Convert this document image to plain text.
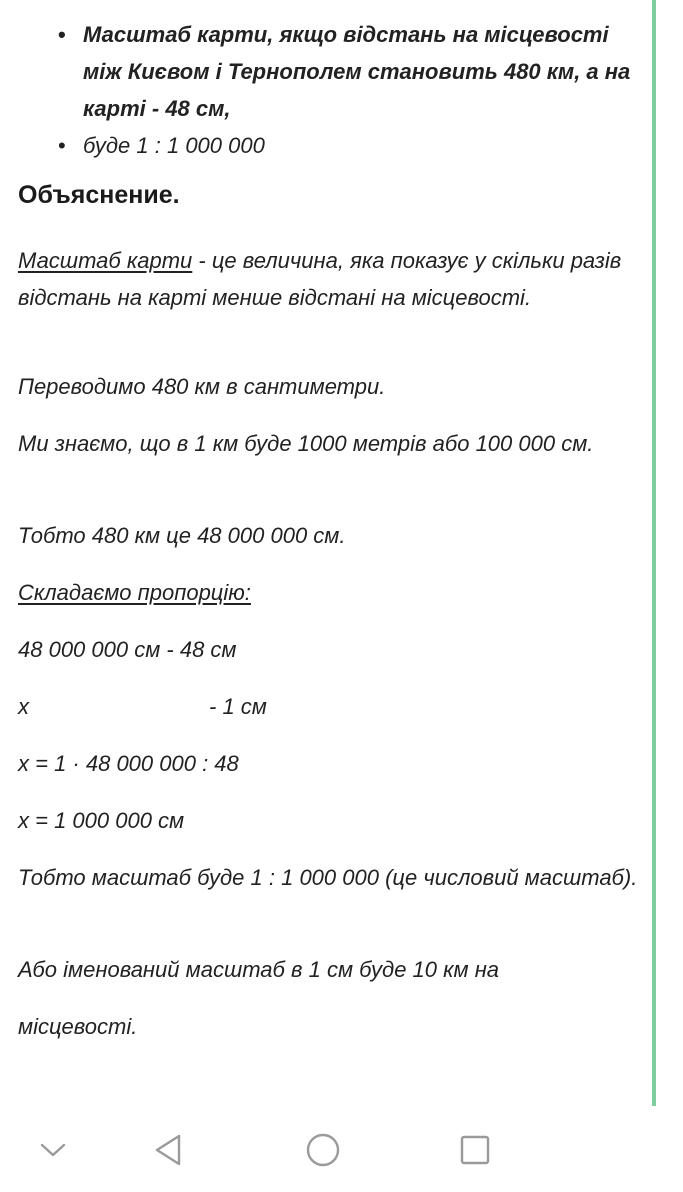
• Масштаб карти, якщо відстань на місцевості між Києвом і Тернополем становить 480 км, а на карті - 48 см,
• буде 1 : 1 000 000
Объяснение.

Масштаб карти - це величина, яка показує у скільки разів відстань на карті менше відстані на місцевості.

Переводимо 480 км в сантиметри.

Ми знаємо, що в 1 км буде 1000 метрів або 100 000 см.

Тобто 480 км це 48 000 000 см.

Складаємо пропорцію:

48 000 000 см - 48 см

х	- 1 см

х = 1 · 48 000 000 : 48

х = 1 000 000 см

Тобто масштаб буде 1 : 1 000 000 (це числовий масштаб).

Або іменований масштаб в 1 см буде 10 км на

місцевості.
